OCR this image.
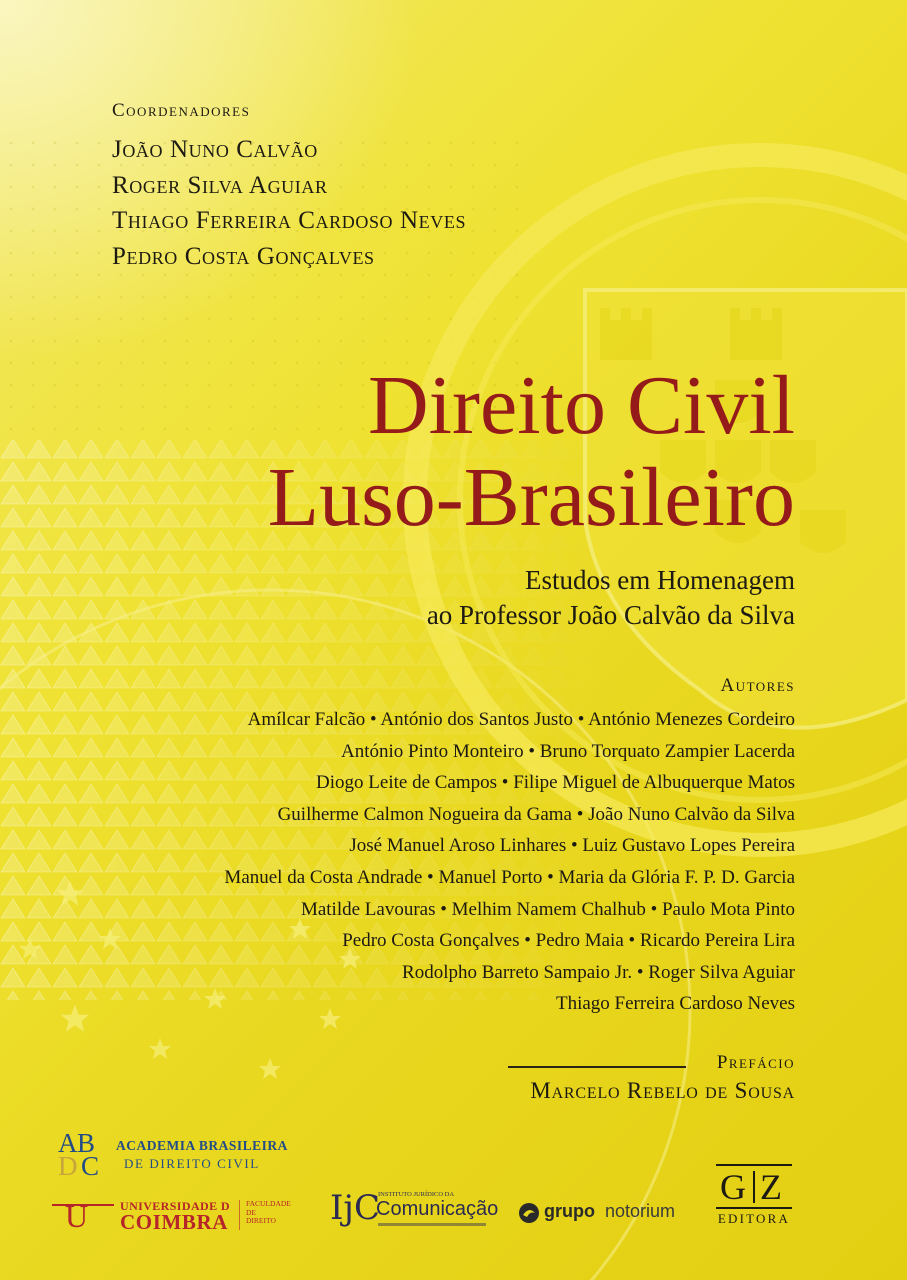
Coordenadores
João Nuno Calvão
Roger Silva Aguiar
Thiago Ferreira Cardoso Neves
Pedro Costa Gonçalves
Direito Civil
Luso-Brasileiro
Estudos em Homenagem
ao Professor João Calvão da Silva
Autores
Amílcar Falcão • António dos Santos Justo • António Menezes Cordeiro
António Pinto Monteiro • Bruno Torquato Zampier Lacerda
Diogo Leite de Campos • Filipe Miguel de Albuquerque Matos
Guilherme Calmon Nogueira da Gama • João Nuno Calvão da Silva
José Manuel Aroso Linhares • Luiz Gustavo Lopes Pereira
Manuel da Costa Andrade • Manuel Porto • Maria da Glória F. P. D. Garcia
Matilde Lavouras • Melhim Namem Chalhub • Paulo Mota Pinto
Pedro Costa Gonçalves • Pedro Maia • Ricardo Pereira Lira
Rodolpho Barreto Sampaio Jr. • Roger Silva Aguiar
Thiago Ferreira Cardoso Neves
Prefácio
Marcelo Rebelo de Sousa
A B
D C
ACADEMIA BRASILEIRA
DE DIREITO CIVIL
U	UNIVERSIDADE D
COIMBRA
FACULDADE
DE
DIREITO	IjC
INSTITUTO JURÍDICO DA
Comunicação	grupo notorium
G Z
EDITORA
